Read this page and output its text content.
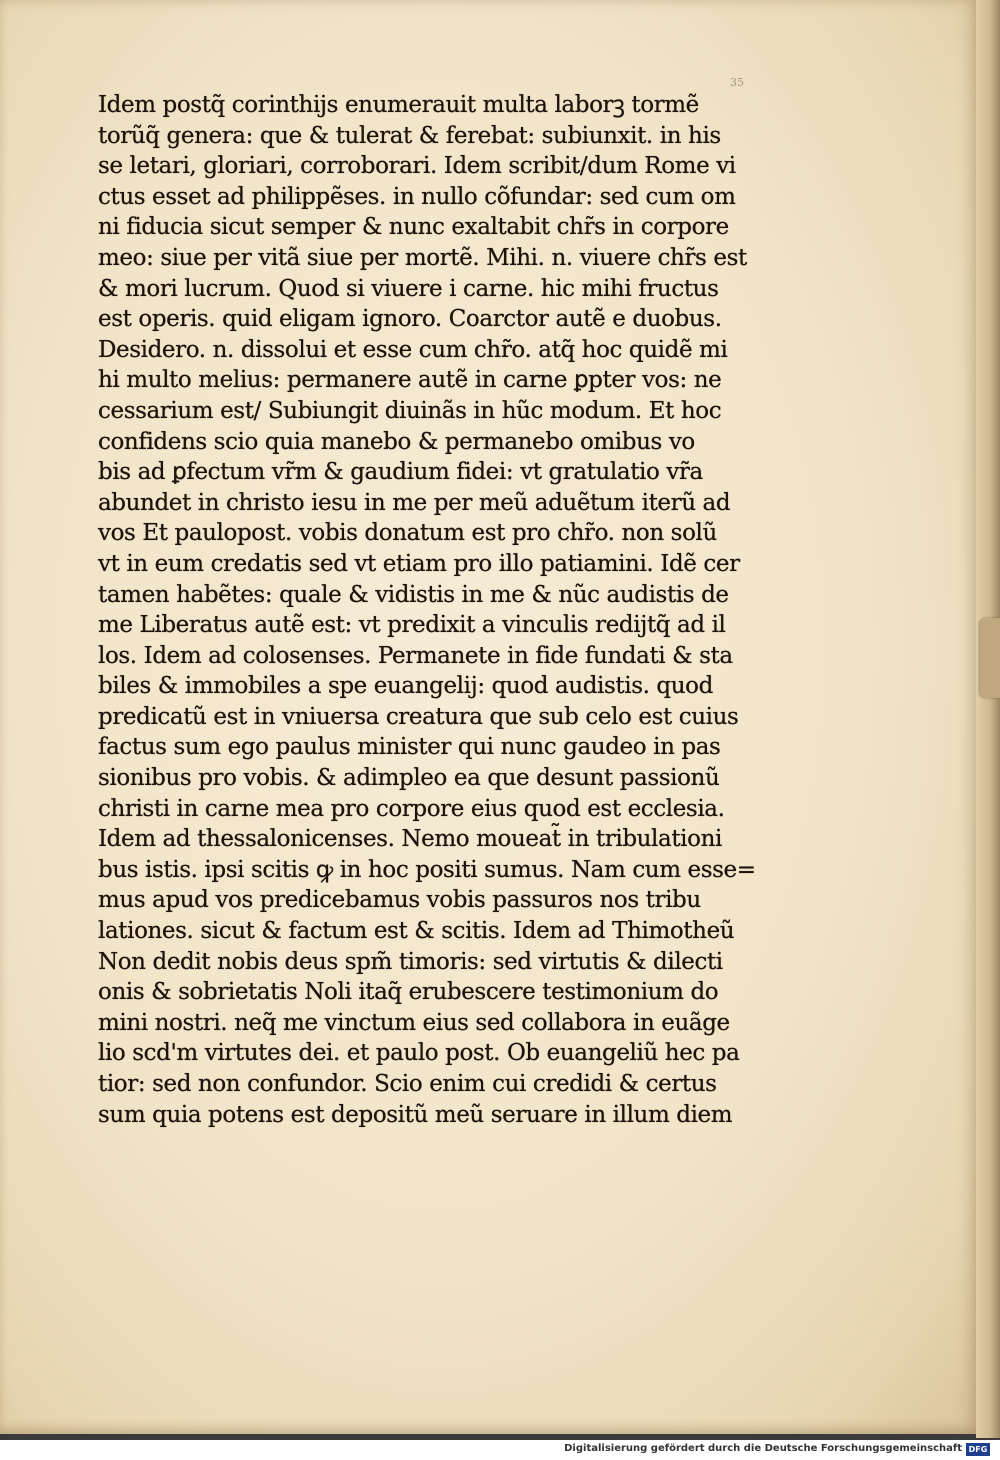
35
Idem postq̃ corinthijs enumerauit multa laborꝫ tormẽ
torũq̃ genera: que & tulerat & ferebat: subiunxit. in his
se letari, gloriari, corroborari. Idem scribit/dum Rome vi
ctus esset ad philippẽses. in nullo cõfundar: sed cum om
ni fiducia sicut semper & nunc exaltabit chr̃s in corpore
meo: siue per vitã siue per mortẽ. Mihi. n. viuere chr̃s est
& mori lucrum. Quod si viuere i carne. hic mihi fructus
est operis. quid eligam ignoro. Coarctor autẽ e duobus.
Desidero. n. dissolui et esse cum chr̃o. atq̃ hoc quidẽ mi
hi multo melius: permanere autẽ in carne ꝑpter vos: ne
cessarium est/ Subiungit diuinãs in hũc modum. Et hoc
confidens scio quia manebo & permanebo omibus vo
bis ad ꝑfectum vr̃m & gaudium fidei: vt gratulatio vr̃a
abundet in christo iesu in me per meũ aduẽtum iterũ ad
vos Et paulopost. vobis donatum est pro chr̃o. non solũ
vt in eum credatis sed vt etiam pro illo patiamini. Idẽ cer
tamen habẽtes: quale & vidistis in me & nũc audistis de
me Liberatus autẽ est: vt predixit a vinculis redijtq̃ ad il
los. Idem ad colosenses. Permanete in fide fundati & sta
biles & immobiles a spe euangelij: quod audistis. quod
predicatũ est in vniuersa creatura que sub celo est cuius
factus sum ego paulus minister qui nunc gaudeo in pas
sionibus pro vobis. & adimpleo ea que desunt passionũ
christi in carne mea pro corpore eius quod est ecclesia.
Idem ad thessalonicenses. Nemo moueat̃ in tribulationi
bus istis. ipsi scitis ꝙ in hoc positi sumus. Nam cum esse=
mus apud vos predicebamus vobis passuros nos tribu
lationes. sicut & factum est & scitis. Idem ad Thimotheũ
Non dedit nobis deus spm̃ timoris: sed virtutis & dilecti
onis & sobrietatis Noli itaq̃ erubescere testimonium do
mini nostri. neq̃ me vinctum eius sed collabora in euãge
lio scd'm virtutes dei. et paulo post. Ob euangeliũ hec pa
tior: sed non confundor. Scio enim cui credidi & certus
sum quia potens est depositũ meũ seruare in illum diem
Digitalisierung gefördert durch die Deutsche Forschungsgemeinschaft DFG
